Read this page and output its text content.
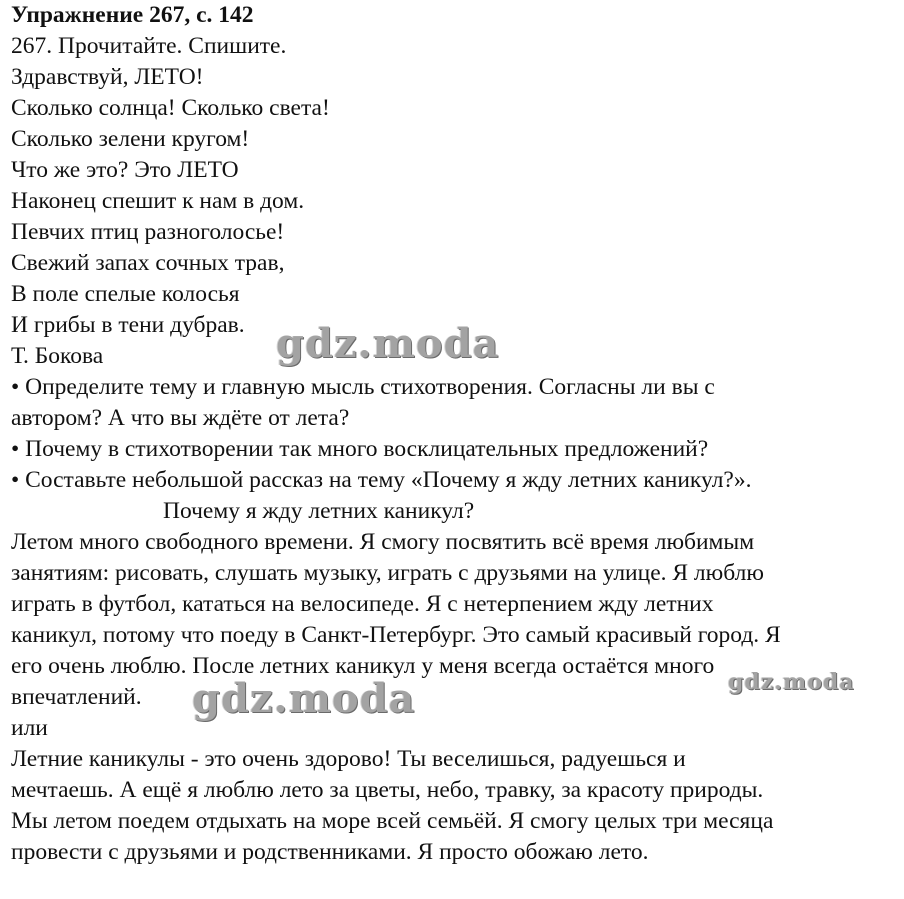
Упражнение 267, с. 142
267. Прочитайте. Спишите.
Здравствуй, ЛЕТО!
Сколько солнца! Сколько света!
Сколько зелени кругом!
Что же это? Это ЛЕТО
Наконец спешит к нам в дом.
Певчих птиц разноголосье!
Свежий запах сочных трав,
В поле спелые колосья
И грибы в тени дубрав.
Т. Бокова
• Определите тему и главную мысль стихотворения. Согласны ли вы с
автором? А что вы ждёте от лета?
• Почему в стихотворении так много восклицательных предложений?
• Составьте небольшой рассказ на тему «Почему я жду летних каникул?».
Почему я жду летних каникул?
Летом много свободного времени. Я смогу посвятить всё время любимым
занятиям: рисовать, слушать музыку, играть с друзьями на улице. Я люблю
играть в футбол, кататься на велосипеде. Я с нетерпением жду летних
каникул, потому что поеду в Санкт-Петербург. Это самый красивый город. Я
его очень люблю. После летних каникул у меня всегда остаётся много
впечатлений.
или
Летние каникулы - это очень здорово! Ты веселишься, радуешься и
мечтаешь. А ещё я люблю лето за цветы, небо, травку, за красоту природы.
Мы летом поедем отдыхать на море всей семьёй. Я смогу целых три месяца
провести с друзьями и родственниками. Я просто обожаю лето.
gdz.moda
gdz.moda	gdz.moda
